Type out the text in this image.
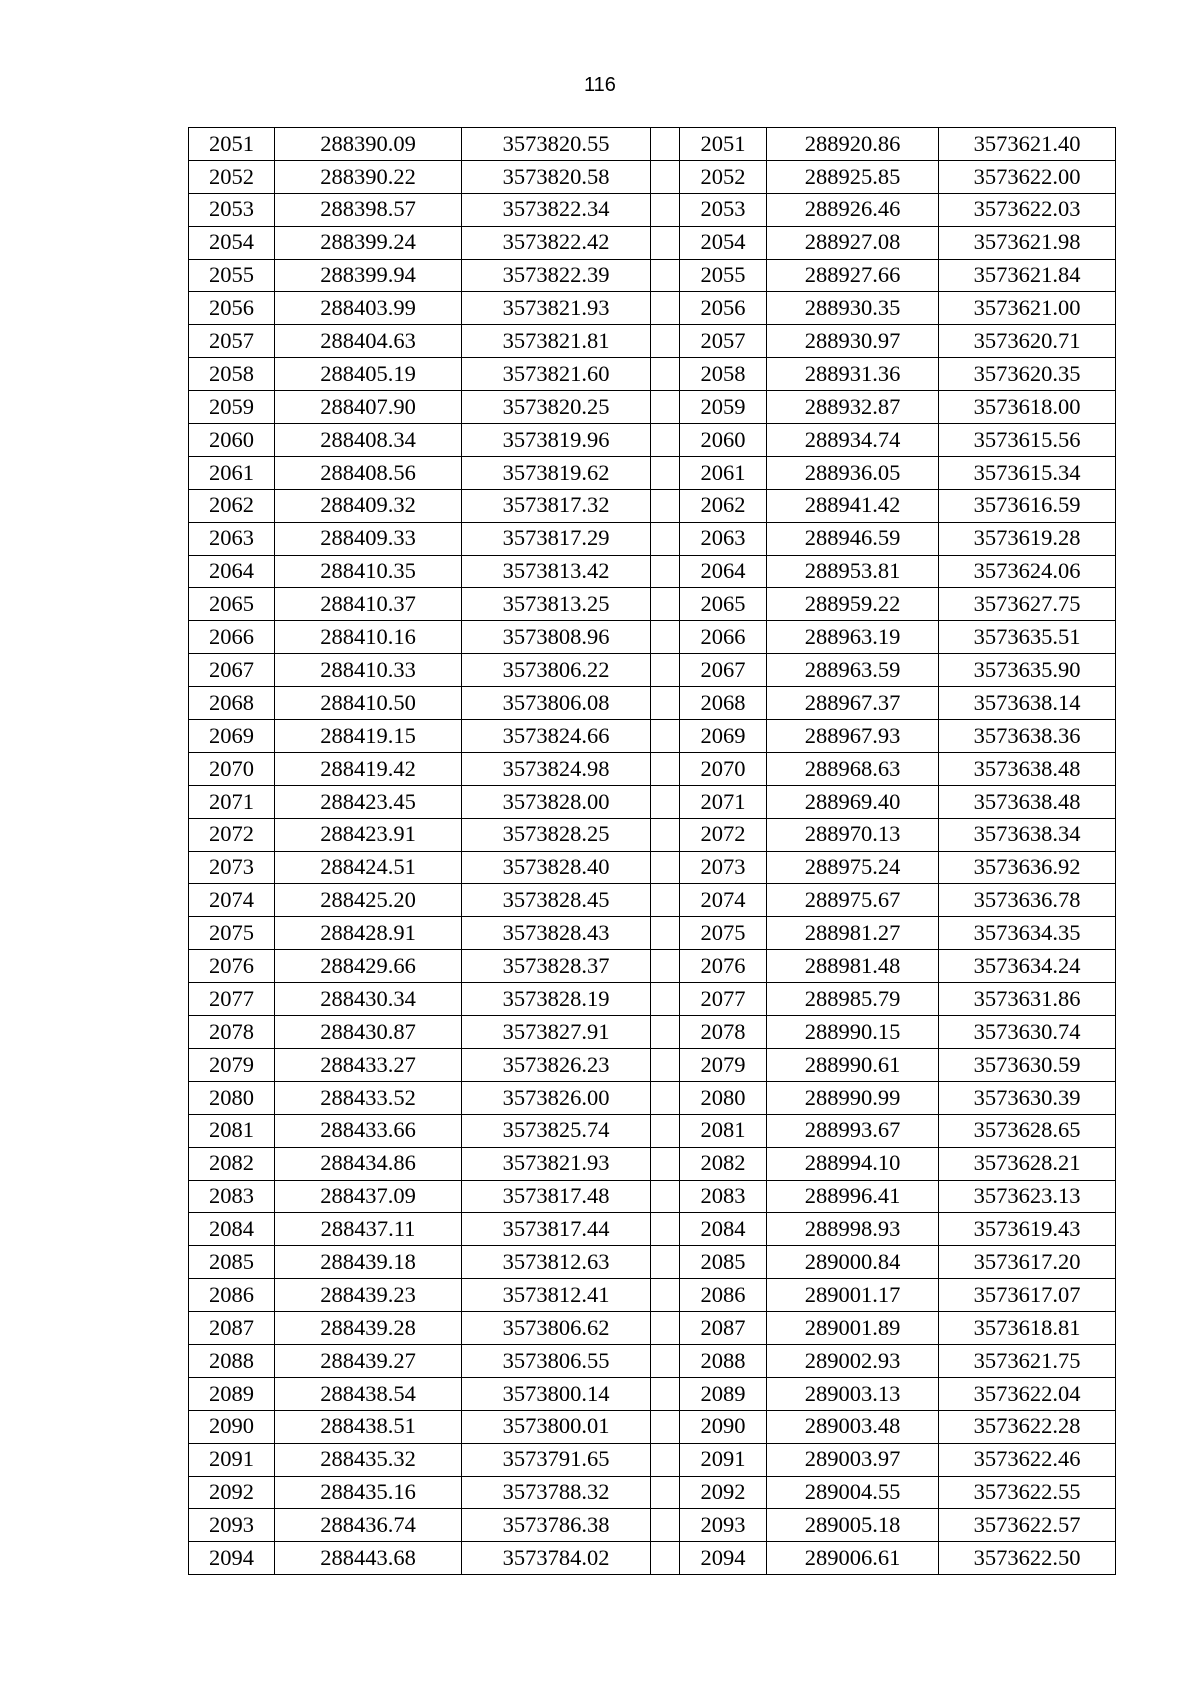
116
2051	288390.09	3573820.55		2051	288920.86	3573621.40
2052	288390.22	3573820.58		2052	288925.85	3573622.00
2053	288398.57	3573822.34		2053	288926.46	3573622.03
2054	288399.24	3573822.42		2054	288927.08	3573621.98
2055	288399.94	3573822.39		2055	288927.66	3573621.84
2056	288403.99	3573821.93		2056	288930.35	3573621.00
2057	288404.63	3573821.81		2057	288930.97	3573620.71
2058	288405.19	3573821.60		2058	288931.36	3573620.35
2059	288407.90	3573820.25		2059	288932.87	3573618.00
2060	288408.34	3573819.96		2060	288934.74	3573615.56
2061	288408.56	3573819.62		2061	288936.05	3573615.34
2062	288409.32	3573817.32		2062	288941.42	3573616.59
2063	288409.33	3573817.29		2063	288946.59	3573619.28
2064	288410.35	3573813.42		2064	288953.81	3573624.06
2065	288410.37	3573813.25		2065	288959.22	3573627.75
2066	288410.16	3573808.96		2066	288963.19	3573635.51
2067	288410.33	3573806.22		2067	288963.59	3573635.90
2068	288410.50	3573806.08		2068	288967.37	3573638.14
2069	288419.15	3573824.66		2069	288967.93	3573638.36
2070	288419.42	3573824.98		2070	288968.63	3573638.48
2071	288423.45	3573828.00		2071	288969.40	3573638.48
2072	288423.91	3573828.25		2072	288970.13	3573638.34
2073	288424.51	3573828.40		2073	288975.24	3573636.92
2074	288425.20	3573828.45		2074	288975.67	3573636.78
2075	288428.91	3573828.43		2075	288981.27	3573634.35
2076	288429.66	3573828.37		2076	288981.48	3573634.24
2077	288430.34	3573828.19		2077	288985.79	3573631.86
2078	288430.87	3573827.91		2078	288990.15	3573630.74
2079	288433.27	3573826.23		2079	288990.61	3573630.59
2080	288433.52	3573826.00		2080	288990.99	3573630.39
2081	288433.66	3573825.74		2081	288993.67	3573628.65
2082	288434.86	3573821.93		2082	288994.10	3573628.21
2083	288437.09	3573817.48		2083	288996.41	3573623.13
2084	288437.11	3573817.44		2084	288998.93	3573619.43
2085	288439.18	3573812.63		2085	289000.84	3573617.20
2086	288439.23	3573812.41		2086	289001.17	3573617.07
2087	288439.28	3573806.62		2087	289001.89	3573618.81
2088	288439.27	3573806.55		2088	289002.93	3573621.75
2089	288438.54	3573800.14		2089	289003.13	3573622.04
2090	288438.51	3573800.01		2090	289003.48	3573622.28
2091	288435.32	3573791.65		2091	289003.97	3573622.46
2092	288435.16	3573788.32		2092	289004.55	3573622.55
2093	288436.74	3573786.38		2093	289005.18	3573622.57
2094	288443.68	3573784.02		2094	289006.61	3573622.50
